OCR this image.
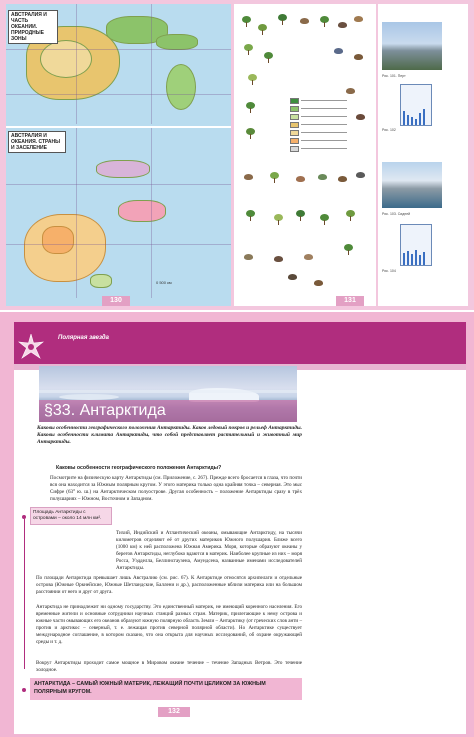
АВСТРАЛИЯ И ЧАСТЬ ОКЕАНИИ. ПРИРОДНЫЕ ЗОНЫ
АВСТРАЛИЯ И ОКЕАНИЯ. СТРАНЫ И ЗАСЕЛЕНИЕ
0 500 км
130	131
Рис. 101. Перт
Рис. 102
Рис. 103. Сидней
Рис. 104
Полярная звезда
§33. Антарктида
Каковы особенности географического положения Антарктиды. Каков ледовый покров и рельеф Антарктиды. Каковы особенности климата Антарктиды, что собой представляет растительный и животный мир Антарктиды.
Каковы особенности географического положения Антарктиды?
Посмотрите на физическую карту Антарктиды (см. Приложение, с. 267). Прежде всего бросается в глаза, что почти вся она находится за Южным полярным кругом. У этого материка только одна крайняя точка – северная. Это мыс Сифре (63° ю. ш.) на Антарктическом полуострове. Другая особенность – положение Антарктиды сразу в трёх полушариях – Южном, Восточном и Западном.
Площадь Антарктиды с островами – около 14 млн км².
Тихий, Индийский и Атлантический океаны, омывающие Антарктиду, на тысячи километров отделяют её от других материков Южного полушария. Ближе всего (1000 км) к ней расположена Южная Америка. Моря, которые образуют океаны у берегов Антарктиды, неглубоко вдаются в материк. Наиболее крупные из них – моря Росса, Уэдделла, Беллинсгаузена, Амундсена, названные именами исследователей Антарктиды.
По площади Антарктида превышает лишь Австралию (см. рис. 67). К Антарктиде относятся архипелаги и отдельные острова (Южные Оркнейские, Южные Шетландские, Баллени и др.), расположенные вблизи материка или на большом расстоянии от него и друг от друга.
Антарктида не принадлежит ни одному государству. Это единственный материк, не имеющий коренного населения. Его временные жители и основные сотрудники научных станций разных стран. Материк, прилегающие к нему острова и южные части омывающих его океанов образуют южную полярную область Земли – Антарктику (от греческих слов анти – против и арктикос – северный, т. е. лежащая против северной полярной области). Но Антарктике существует международное соглашение, в котором сказано, что она открыта для научных исследований, об охране окружающей среды и т. д.
Вокруг Антарктиды проходит самое мощное в Мировом океане течение – течение Западных Ветров. Это течение холодное.
АНТАРКТИДА – САМЫЙ ЮЖНЫЙ МАТЕРИК, ЛЕЖАЩИЙ ПОЧТИ ЦЕЛИКОМ ЗА ЮЖНЫМ ПОЛЯРНЫМ КРУГОМ.
132
